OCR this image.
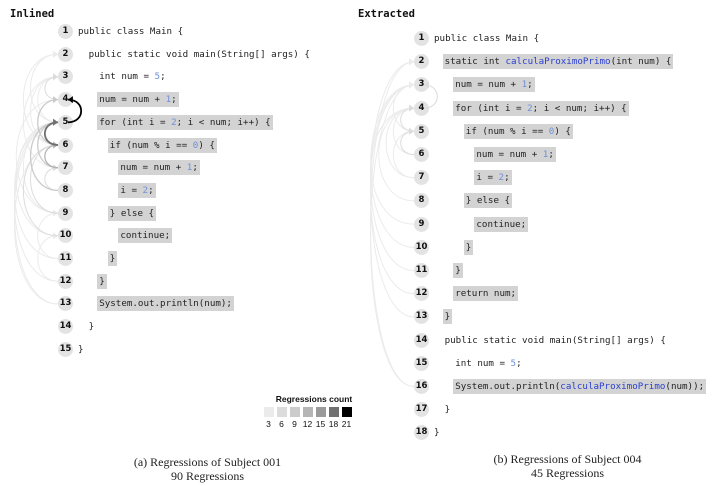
Inlined
1	public class Main {
2	public static void main(String[] args) {
3	int num = 5;
4	num = num + 1;
5	for (int i = 2; i < num; i++) {
6	if (num % i == 0) {
7	num = num + 1;
8	i = 2;
9	} else {
10	continue;
11	}
12	}
13	System.out.println(num);
14 }
15 }
(a) Regressions of Subject 001
90 Regressions
Extracted
1	public class Main {
2	static int calculaProximoPrimo(int num) {
3	num = num + 1;
4	for (int i = 2; i < num; i++) {
5	if (num % i == 0) {
6	num = num + 1;
7	i = 2;
8	} else {
9	continue;
10	}
11	}
12	return num;
13 }
14 public static void main(String[] args) {
15	int num = 5;
16	System.out.println(calculaProximoPrimo(num));
17 }
18 }
(b) Regressions of Subject 004
45 Regressions
Regressions count
3 6 9 12 15 18 21
